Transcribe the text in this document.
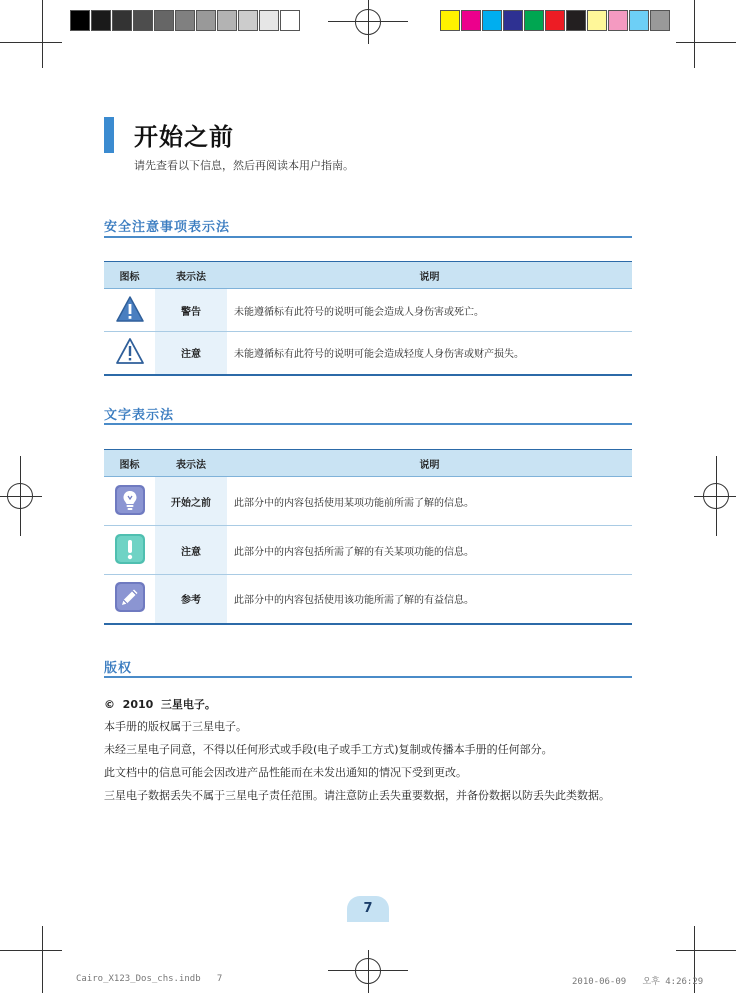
开始之前
请先查看以下信息，然后再阅读本用户指南。
安全注意事项表示法
图标	表示法	说明
	警告	未能遵循标有此符号的说明可能会造成人身伤害或死亡。
	注意	未能遵循标有此符号的说明可能会造成轻度人身伤害或财产损失。
文字表示法
图标	表示法	说明
	开始之前	此部分中的内容包括使用某项功能前所需了解的信息。
	注意	此部分中的内容包括所需了解的有关某项功能的信息。
	参考	此部分中的内容包括使用该功能所需了解的有益信息。
版权
©  2010  三星电子。
本手册的版权属于三星电子。
未经三星电子同意，不得以任何形式或手段(电子或手工方式)复制或传播本手册的任何部分。
此文档中的信息可能会因改进产品性能而在未发出通知的情况下受到更改。
三星电子数据丢失不属于三星电子责任范围。请注意防止丢失重要数据，并备份数据以防丢失此类数据。
7
Cairo_X123_Dos_chs.indb   7	2010-06-09   오후 4:26:29
